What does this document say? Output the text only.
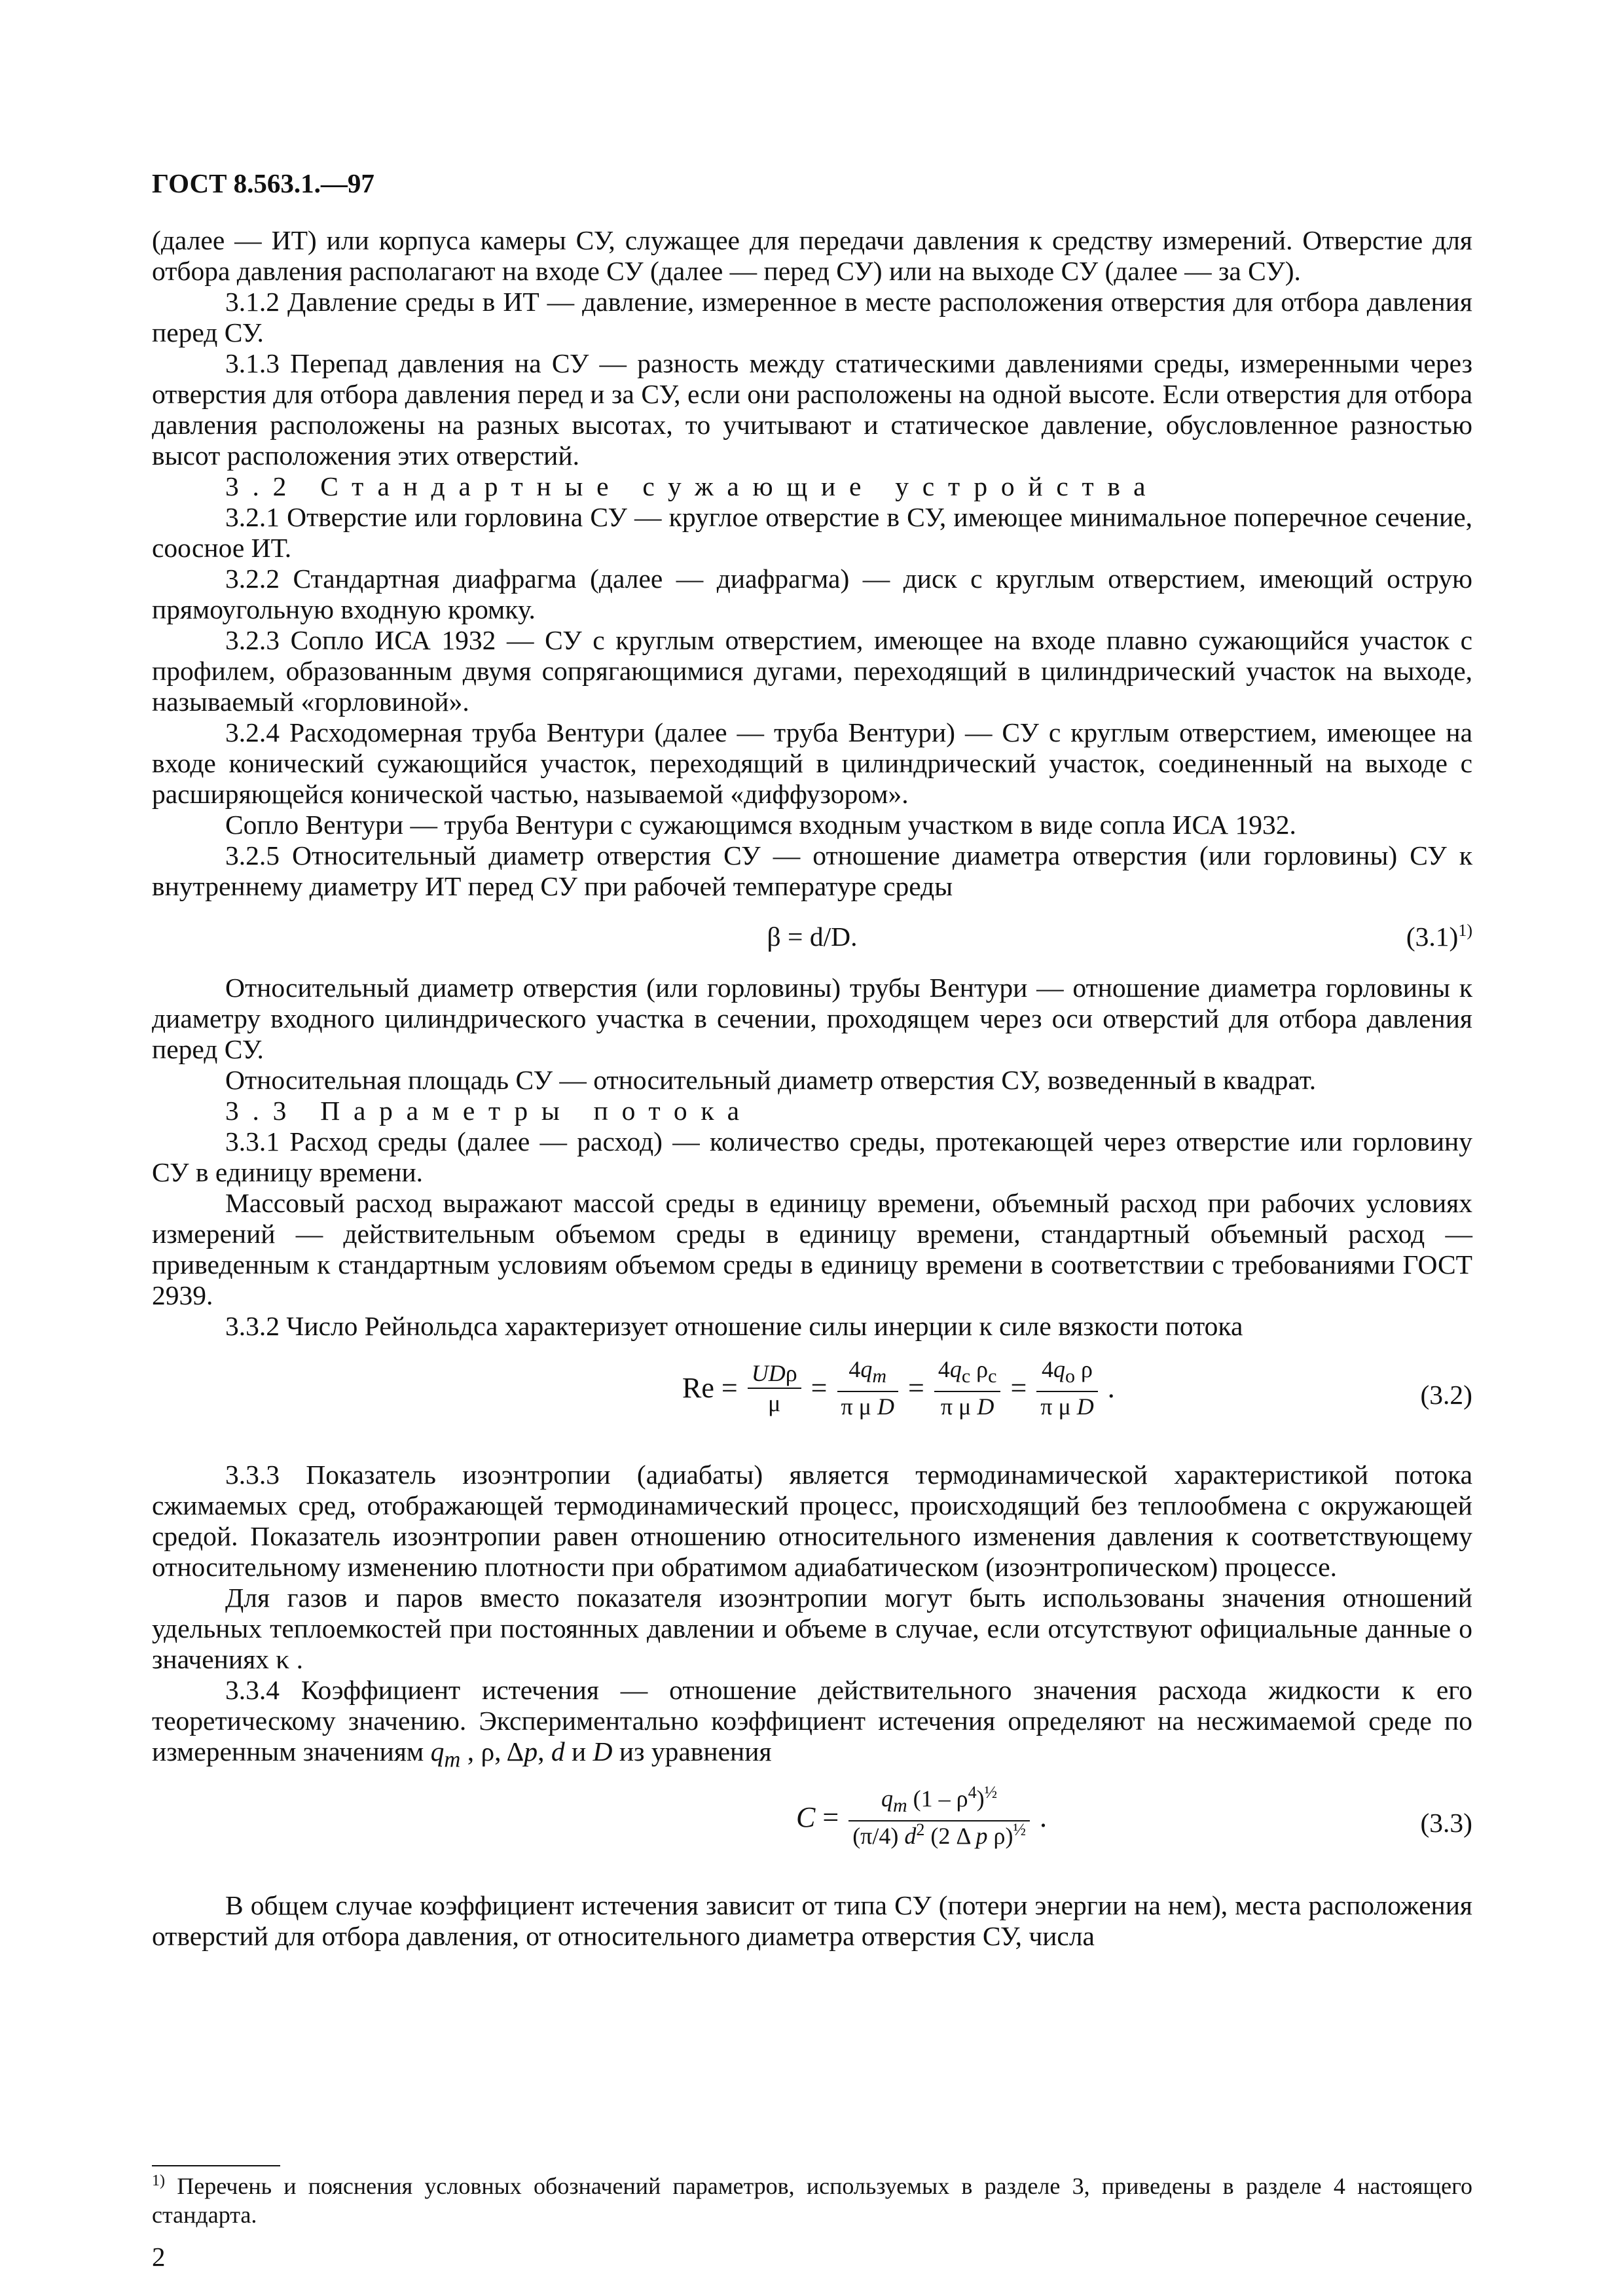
ГОСТ 8.563.1.—97

(далее — ИТ) или корпуса камеры СУ, служащее для передачи давления к средству измерений. Отверстие для отбора давления располагают на входе СУ (далее — перед СУ) или на выходе СУ (далее — за СУ).

3.1.2 Давление среды в ИТ — давление, измеренное в месте расположения отверстия для отбора давления перед СУ.

3.1.3 Перепад давления на СУ — разность между статическими давлениями среды, измеренными через отверстия для отбора давления перед и за СУ, если они расположены на одной высоте. Если отверстия для отбора давления расположены на разных высотах, то учитывают и статическое давление, обусловленное разностью высот расположения этих отверстий.

3.2 Стандартные сужающие устройства

3.2.1 Отверстие или горловина СУ — круглое отверстие в СУ, имеющее минимальное поперечное сечение, соосное ИТ.

3.2.2 Стандартная диафрагма (далее — диафрагма) — диск с круглым отверстием, имеющий острую прямоугольную входную кромку.

3.2.3 Сопло ИСА 1932 — СУ с круглым отверстием, имеющее на входе плавно сужающийся участок с профилем, образованным двумя сопрягающимися дугами, переходящий в цилиндрический участок на выходе, называемый «горловиной».

3.2.4 Расходомерная труба Вентури (далее — труба Вентури) — СУ с круглым отверстием, имеющее на входе конический сужающийся участок, переходящий в цилиндрический участок, соединенный на выходе с расширяющейся конической частью, называемой «диффузором».

Сопло Вентури — труба Вентури с сужающимся входным участком в виде сопла ИСА 1932.

3.2.5 Относительный диаметр отверстия СУ — отношение диаметра отверстия (или горловины) СУ к внутреннему диаметру ИТ перед СУ при рабочей температуре среды

β = d/D.	$(3.1)^{1)}$

Относительный диаметр отверстия (или горловины) трубы Вентури — отношение диаметра горловины к диаметру входного цилиндрического участка в сечении, проходящем через оси отверстий для отбора давления перед СУ.

Относительная площадь СУ — относительный диаметр отверстия СУ, возведенный в квадрат.

3.3 Параметры потока

3.3.1 Расход среды (далее — расход) — количество среды, протекающей через отверстие или горловину СУ в единицу времени.

Массовый расход выражают массой среды в единицу времени, объемный расход при рабочих условиях измерений — действительным объемом среды в единицу времени, стандартный объемный расход — приведенным к стандартным условиям объемом среды в единицу времени в соответствии с требованиями ГОСТ 2939.

3.3.2 Число Рейнольдса характеризует отношение силы инерции к силе вязкости потока

$Re = \frac{\text{UDρ}}{\mu} = \frac{4q_m}{\text{π μ D}} = \frac{4q_c \rho_c}{\text{π μ D}} = \frac{4q_o \rho}{\text{π μ D}}$ .	(3.2)

3.3.3 Показатель изоэнтропии (адиабаты) является термодинамической характеристикой потока сжимаемых сред, отображающей термодинамический процесс, происходящий без теплообмена с окружающей средой. Показатель изоэнтропии равен отношению относительного изменения давления к соответствующему относительному изменению плотности при обратимом адиабатическом (изоэнтропическом) процессе.

Для газов и паров вместо показателя изоэнтропии могут быть использованы значения отношений удельных теплоемкостей при постоянных давлении и объеме в случае, если отсутствуют официальные данные о значениях κ .

3.3.4 Коэффициент истечения — отношение действительного значения расхода жидкости к его теоретическому значению. Экспериментально коэффициент истечения определяют на несжимаемой среде по измеренным значениям $q_m$ , ρ, Δp, d и D из уравнения

$C = \frac{q_m (1 - \rho^4)^{\frac{1}{2}}}{(\pi/4) d^2 (2 \Delta p \rho)^{\frac{1}{2}}}$ .	(3.3)

В общем случае коэффициент истечения зависит от типа СУ (потери энергии на нем), места расположения отверстий для отбора давления, от относительного диаметра отверстия СУ, числа

$^{1)}$ Перечень и пояснения условных обозначений параметров, используемых в разделе 3, приведены в разделе 4 настоящего стандарта.
2
